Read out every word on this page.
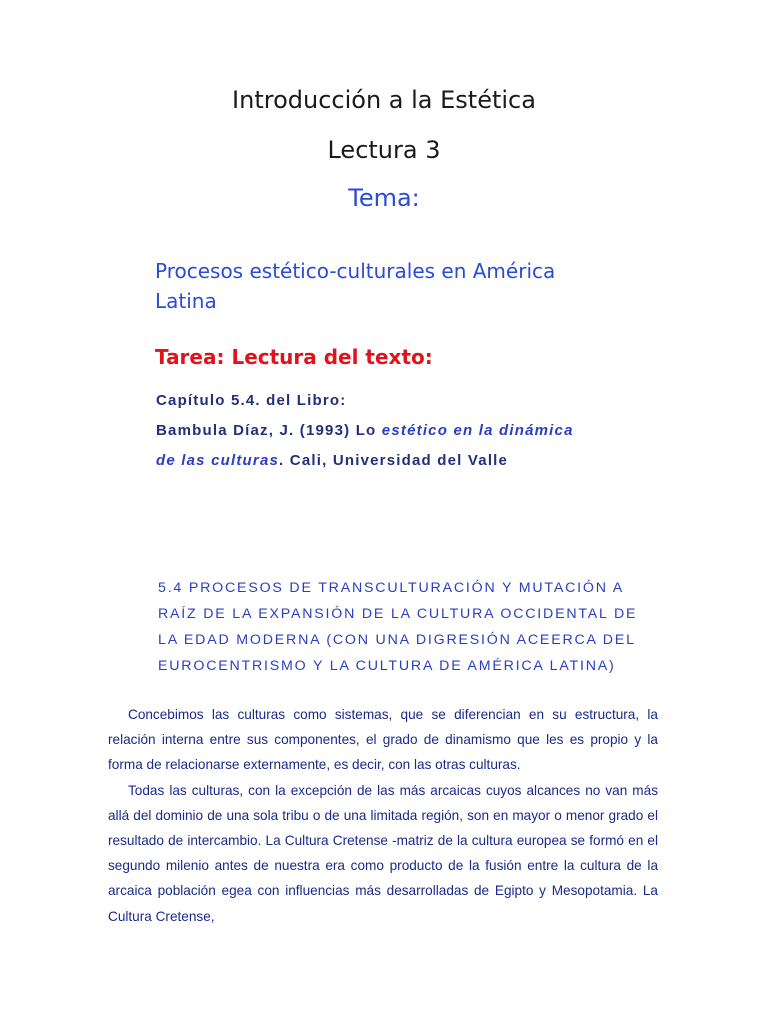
Introducción a la Estética
Lectura 3
Tema:
Procesos estético-culturales en América
Latina
Tarea: Lectura del texto:
Capítulo 5.4. del Libro:
Bambula Díaz, J. (1993) Lo estético en la dinámica
de las culturas. Cali, Universidad del Valle
5.4 PROCESOS DE TRANSCULTURACIÓN Y MUTACIÓN A
RAÍZ DE LA EXPANSIÓN DE LA CULTURA OCCIDENTAL DE
LA EDAD MODERNA (CON UNA DIGRESIÓN ACEERCA DEL
EUROCENTRISMO Y LA CULTURA DE AMÉRICA LATINA)

Concebimos las culturas como sistemas, que se diferencian en su estructura, la relación interna entre sus componentes, el grado de dinamismo que les es propio y la forma de relacionarse externamente, es decir, con las otras culturas.

Todas las culturas, con la excepción de las más arcaicas cuyos alcances no van más allá del dominio de una sola tribu o de una limitada región, son en mayor o menor grado el resultado de intercambio. La Cultura Cretense -matriz de la cultura europea se formó en el segundo milenio antes de nuestra era como producto de la fusión entre la cultura de la arcaica población egea con influencias más desarrolladas de Egipto y Mesopotamia. La Cultura Cretense,
